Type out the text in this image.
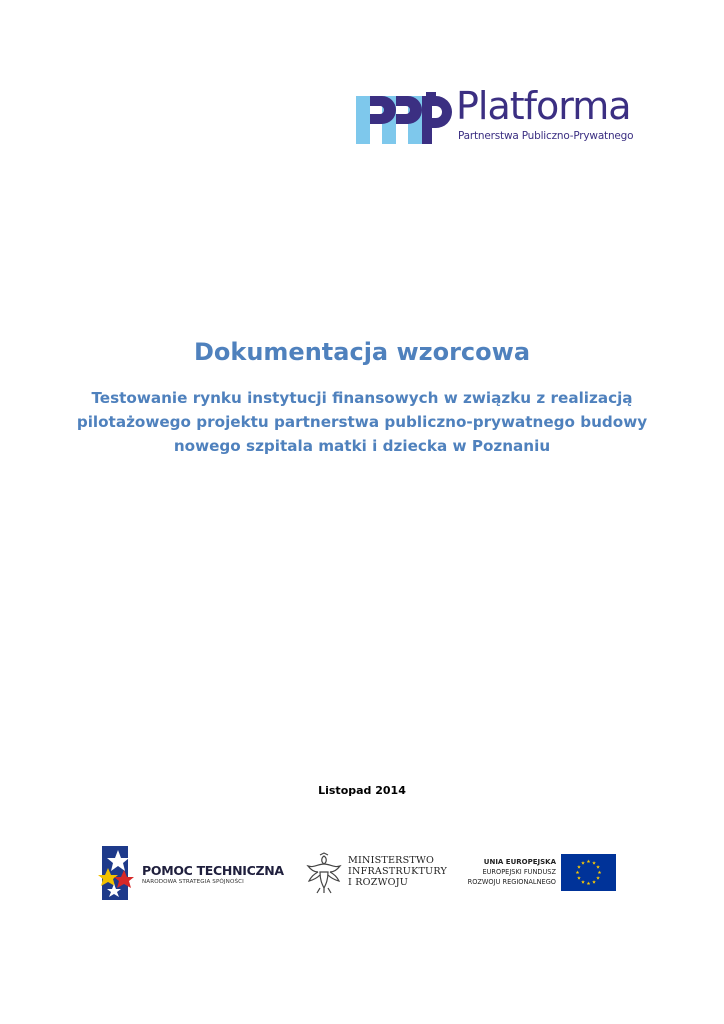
Platforma
Partnerstwa Publiczno-Prywatnego
Dokumentacja wzorcowa
Testowanie rynku instytucji finansowych w związku z realizacją
pilotażowego projektu partnerstwa publiczno-prywatnego budowy
nowego szpitala matki i dziecka w Poznaniu
Listopad 2014
POMOC TECHNICZNA
NARODOWA STRATEGIA SPÓJNOŚCI
MINISTERSTWO
INFRASTRUKTURY
I ROZWOJU
UNIA EUROPEJSKA
EUROPEJSKI FUNDUSZ
ROZWOJU REGIONALNEGO
